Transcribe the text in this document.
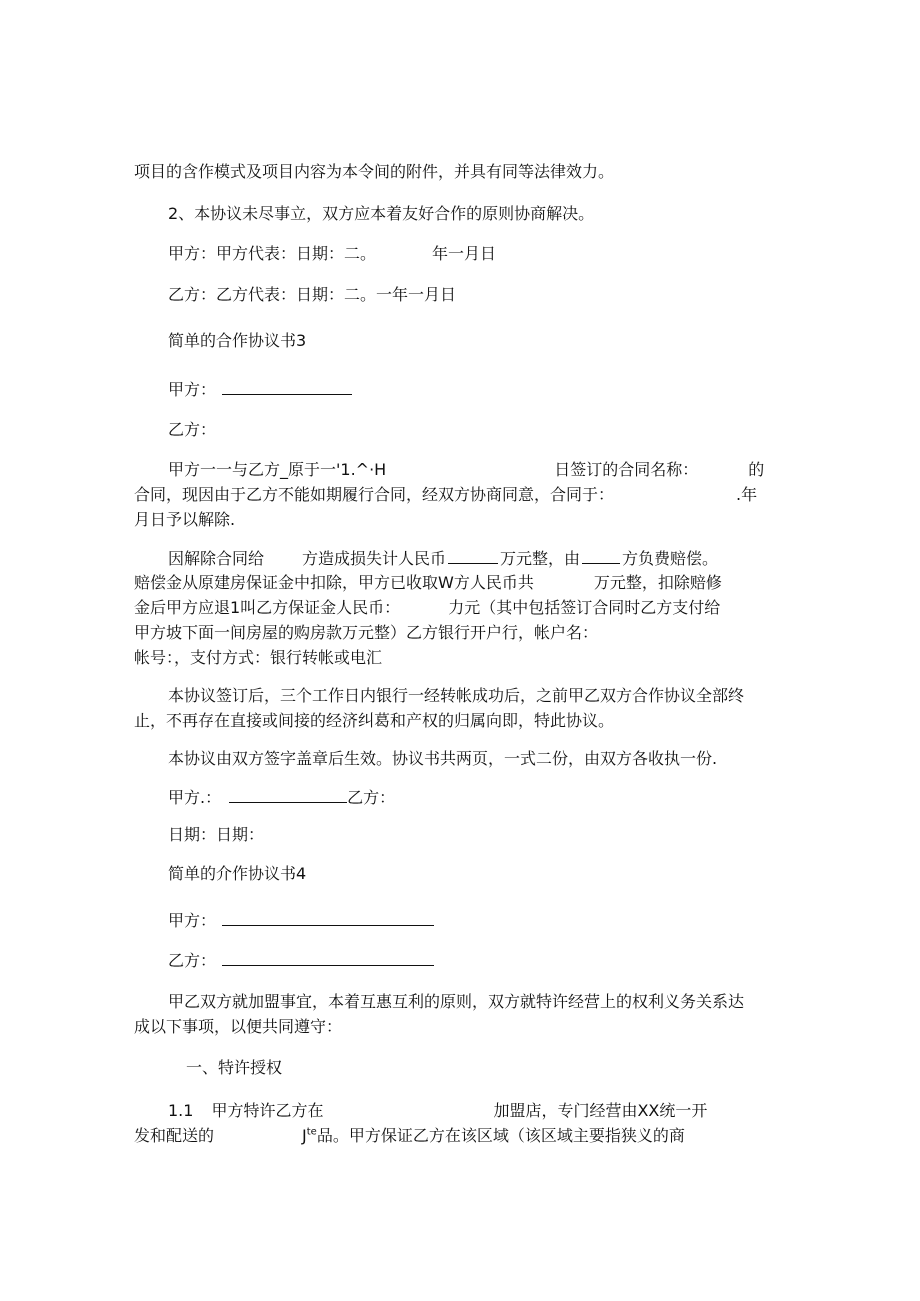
项目的含作模式及项目内容为本令间的附件，并具有同等法律效力。
2、本协议未尽事立，双方应本着友好合作的原则协商解决。
甲方：甲方代表：日期：二。	年一月日
乙方：乙方代表：日期：二。一年一月日
简单的合作协议书3
甲方：
乙方：
甲方一一与乙方_原于一'1.^·H	日签订的合同名称：	的
合同，现因由于乙方不能如期履行合同，经双方协商同意，合同于：	.年
月日予以解除.
因解除合同给 方造成损失计人民币	万元整，由	方负费赔偿。
赔偿金从原建房保证金中扣除，甲方已收取W方人民币共	万元整，扣除赔修
金后甲方应退1叫乙方保证金人民币：	力元（其中包括签订合同时乙方支付给
甲方坡下面一间房屋的购房款万元整）乙方银行开户行，帐户名：
帐号：，支付方式：银行转帐或电汇
本协议签订后，三个工作日内银行一经转帐成功后，之前甲乙双方合作协议全部终
止，不再存在直接或间接的经济纠葛和产权的归属向即，特此协议。
本协议由双方签字盖章后生效。协议书共两页，一式二份，由双方各收执一份.
甲方.：	乙方：
日期：日期：
简单的介作协议书4
甲方：
乙方：
甲乙双方就加盟事宜，本着互惠互利的原则，双方就特许经营上的权利义务关系达
成以下事项，以便共同遵守：
一、特许授权
1.1 甲方特许乙方在	加盟店，专门经营由XX统一开
发和配送的	$J^{te}$品。甲方保证乙方在该区域（该区域主要指狭义的商
